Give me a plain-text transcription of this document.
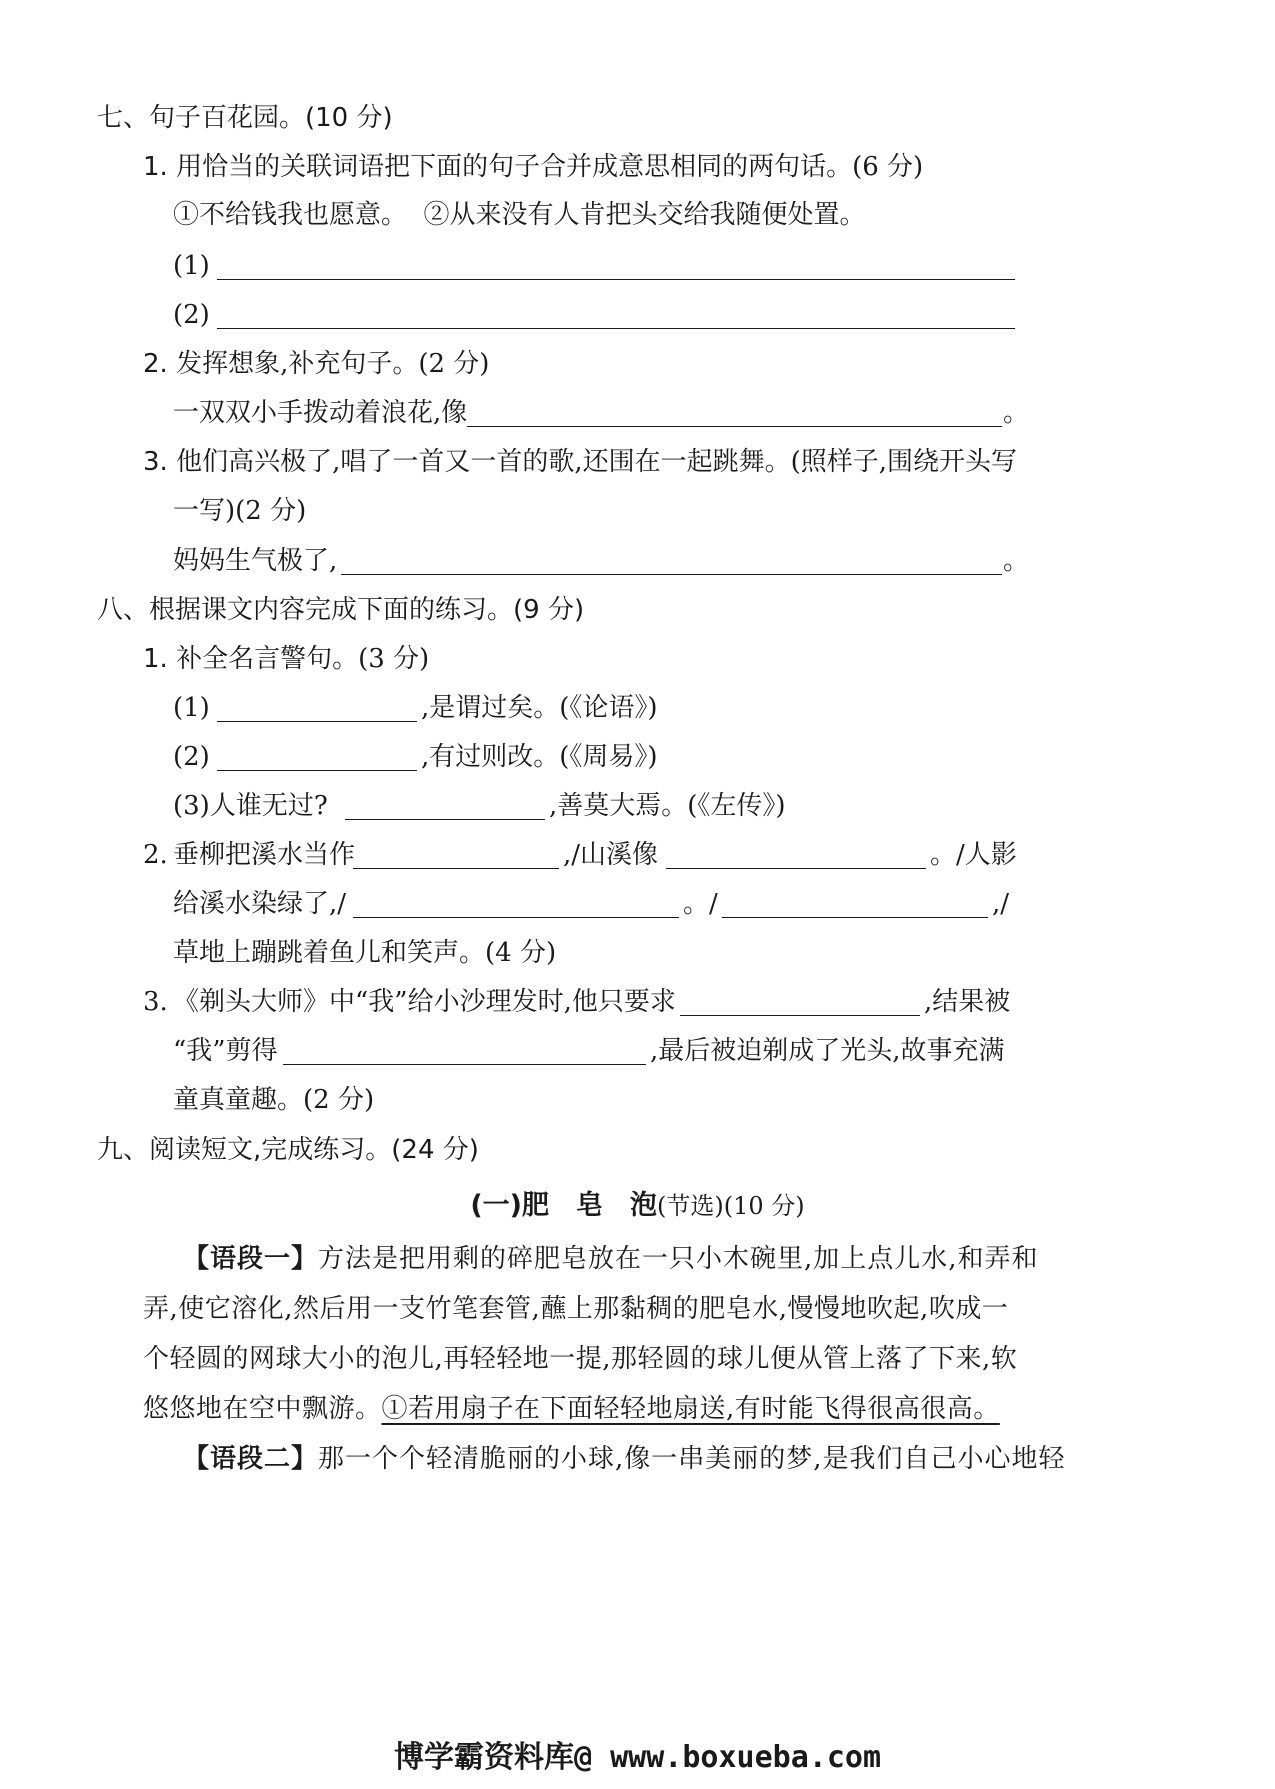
七、句子百花园。(10 分)
1. 用恰当的关联词语把下面的句子合并成意思相同的两句话。(6 分)
①不给钱我也愿意。  ②从来没有人肯把头交给我随便处置。
(1)
(2)
2. 发挥想象,补充句子。(2 分)
一双双小手拨动着浪花,像	。
3. 他们高兴极了,唱了一首又一首的歌,还围在一起跳舞。(照样子,围绕开头写
一写)(2 分)
妈妈生气极了,	。
八、根据课文内容完成下面的练习。(9 分)
1. 补全名言警句。(3 分)
(1)	,是谓过矣。(《论语》)
(2)	,有过则改。(《周易》)
(3)人谁无过?	,善莫大焉。(《左传》)
2. 垂柳把溪水当作	,/山溪像	。/人影
给溪水染绿了,/	。/	,/
草地上蹦跳着鱼儿和笑声。(4 分)
3. 《剃头大师》中“我”给小沙理发时,他只要求	,结果被
“我”剪得	,最后被迫剃成了光头,故事充满
童真童趣。(2 分)
九、阅读短文,完成练习。(24 分)
(一)肥　皂　泡(节选)(10 分)
【语段一】方法是把用剩的碎肥皂放在一只小木碗里,加上点儿水,和弄和
弄,使它溶化,然后用一支竹笔套管,蘸上那黏稠的肥皂水,慢慢地吹起,吹成一
个轻圆的网球大小的泡儿,再轻轻地一提,那轻圆的球儿便从管上落了下来,软
悠悠地在空中飘游。①若用扇子在下面轻轻地扇送,有时能飞得很高很高。
【语段二】那一个个轻清脆丽的小球,像一串美丽的梦,是我们自己小心地轻
博学霸资料库@ www.boxueba.com
